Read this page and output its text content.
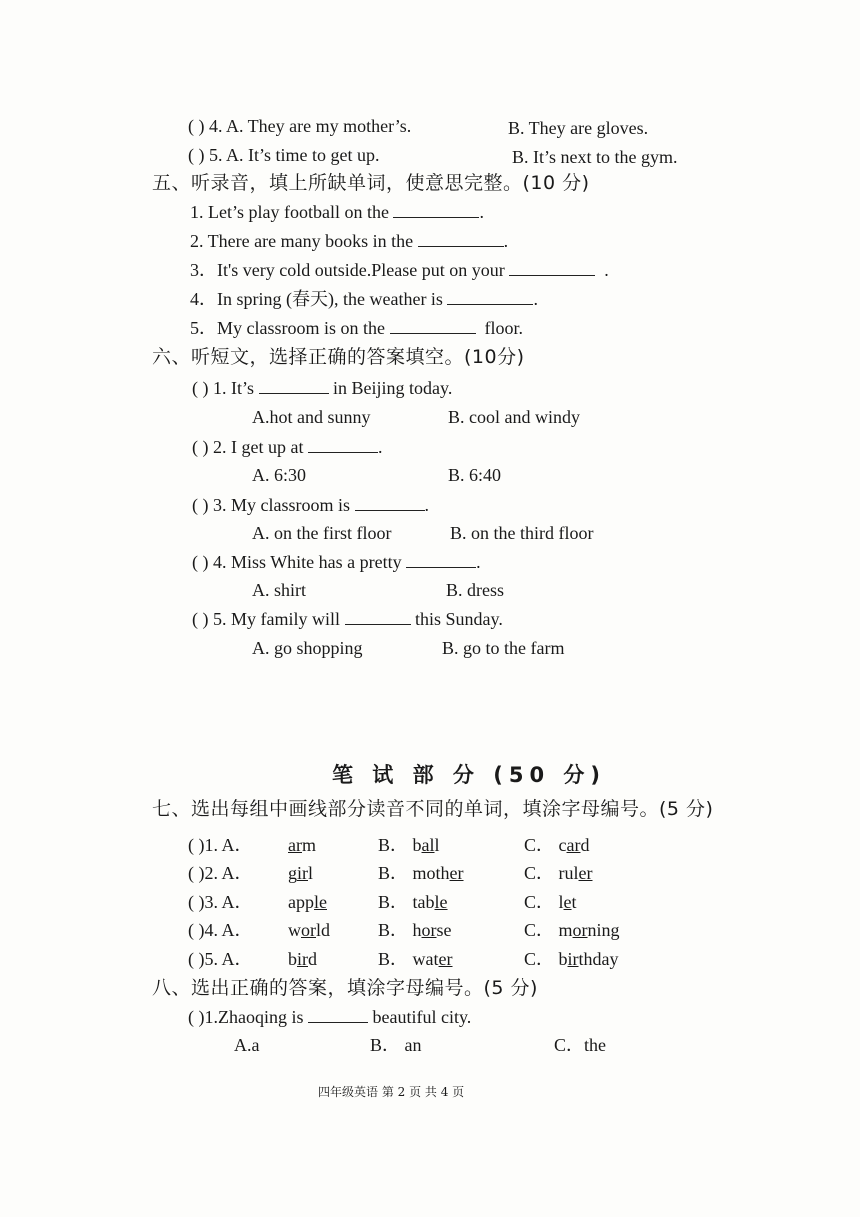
( ) 4. A. They are my mother’s.	B. They are gloves.
( ) 5. A. It’s time to get up.	B. It’s next to the gym.
五、听录音，填上所缺单词，使意思完整。(10 分)
1. Let’s play football on the	.
2. There are many books in the	.
3．It's very cold outside.Please put on your	.
4．In spring (春天), the weather is	.
5．My classroom is on the	floor.
六、听短文，选择正确的答案填空。(10分)
( ) 1. It’s	in Beijing today.
A.hot and sunny	B. cool and windy
( ) 2. I get up at	.
A. 6:30	B. 6:40
( ) 3. My classroom is	.
A. on the first floor	B. on the third floor
( ) 4. Miss White has a pretty	.
A. shirt	B. dress
( ) 5. My family will	this Sunday.
A. go shopping	B. go to the farm
笔 试 部 分 (50 分)
七、选出每组中画线部分读音不同的单词，填涂字母编号。(5 分)
( )1. A． arm	B． ball	C． card
( )2. A． girl	B． mother	C． ruler
( )3. A． apple	B． table	C． let
( )4. A． world	B． horse	C． morning
( )5. A． bird	B． water	C． birthday
八、选出正确的答案，填涂字母编号。(5 分)
( )1.Zhaoqing is	beautiful city.
A.a	B． an	C．the
四年级英语 第 2 页 共 4 页
